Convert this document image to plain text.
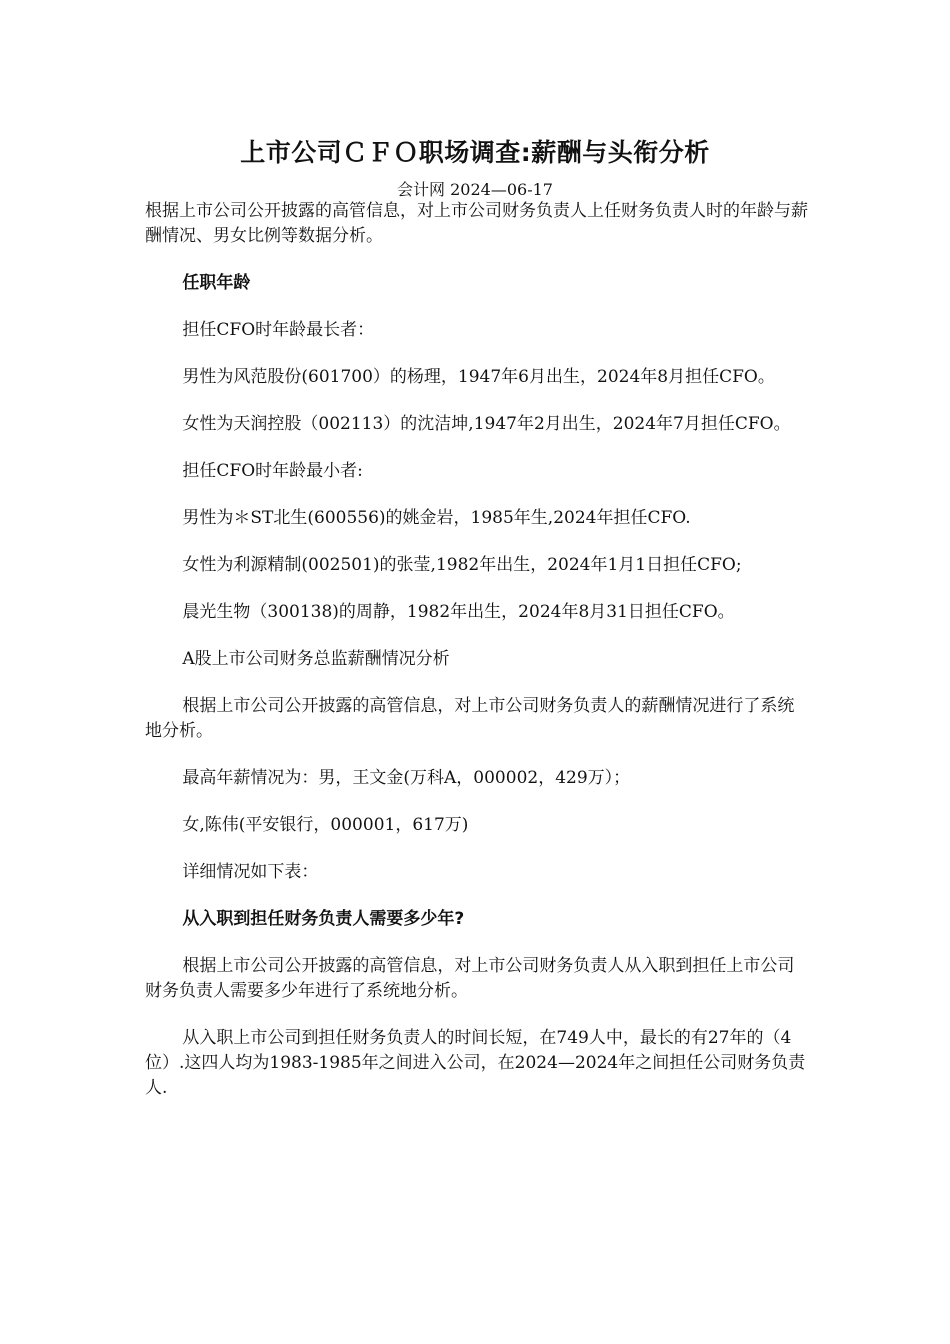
上市公司ＣＦＯ职场调查:薪酬与头衔分析
会计网 2024—06-17

根据上市公司公开披露的高管信息，对上市公司财务负责人上任财务负责人时的年龄与薪酬情况、男女比例等数据分析。

任职年龄

担任CFO时年龄最长者：

男性为风范股份(601700）的杨理，1947年6月出生，2024年8月担任CFO。

女性为天润控股（002113）的沈洁坤,1947年2月出生，2024年7月担任CFO。

担任CFO时年龄最小者:

男性为＊ST北生(600556)的姚金岩，1985年生,2024年担任CFO.

女性为利源精制(002501)的张莹,1982年出生，2024年1月1日担任CFO;

晨光生物（300138)的周静，1982年出生，2024年8月31日担任CFO。

A股上市公司财务总监薪酬情况分析

根据上市公司公开披露的高管信息，对上市公司财务负责人的薪酬情况进行了系统地分析。

最高年薪情况为：男，王文金(万科A，000002，429万）；

女,陈伟(平安银行，000001，617万)

详细情况如下表：

从入职到担任财务负责人需要多少年?

根据上市公司公开披露的高管信息，对上市公司财务负责人从入职到担任上市公司财务负责人需要多少年进行了系统地分析。

从入职上市公司到担任财务负责人的时间长短，在749人中，最长的有27年的（4位）.这四人均为1983-1985年之间进入公司，在2024—2024年之间担任公司财务负责人.
